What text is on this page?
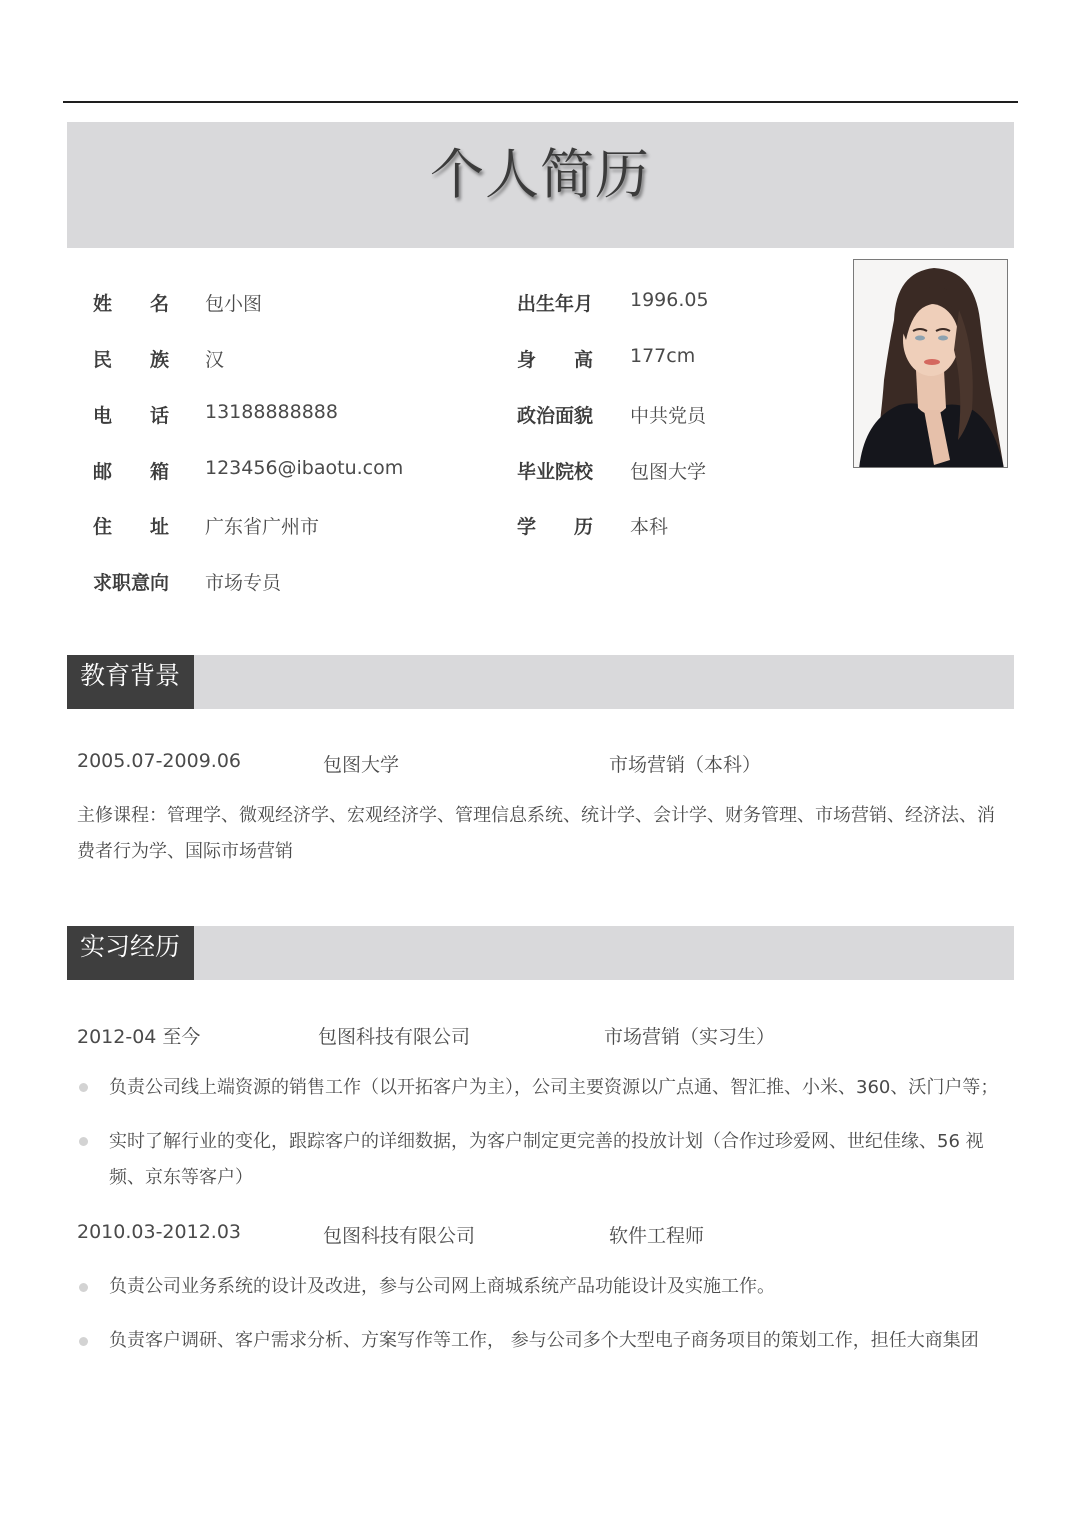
个人简历
姓　　名 包小图
民　　族 汉
电　　话 13188888888
邮　　箱 123456@ibaotu.com
住　　址 广东省广州市
求职意向 市场专员
出生年月 1996.05
身　　高 177cm
政治面貌 中共党员
毕业院校 包图大学
学　　历 本科
教育背景
2005.07-2009.06	包图大学	市场营销（本科）
主修课程：管理学、微观经济学、宏观经济学、管理信息系统、统计学、会计学、财务管理、市场营销、经济法、消
费者行为学、国际市场营销
实习经历
2012-04 至今	包图科技有限公司	市场营销（实习生）
负责公司线上端资源的销售工作（以开拓客户为主），公司主要资源以广点通、智汇推、小米、360、沃门户等；
实时了解行业的变化，跟踪客户的详细数据，为客户制定更完善的投放计划（合作过珍爱网、世纪佳缘、56 视
频、京东等客户）
2010.03-2012.03	包图科技有限公司	软件工程师
负责公司业务系统的设计及改进，参与公司网上商城系统产品功能设计及实施工作。
负责客户调研、客户需求分析、方案写作等工作， 参与公司多个大型电子商务项目的策划工作，担任大商集团
